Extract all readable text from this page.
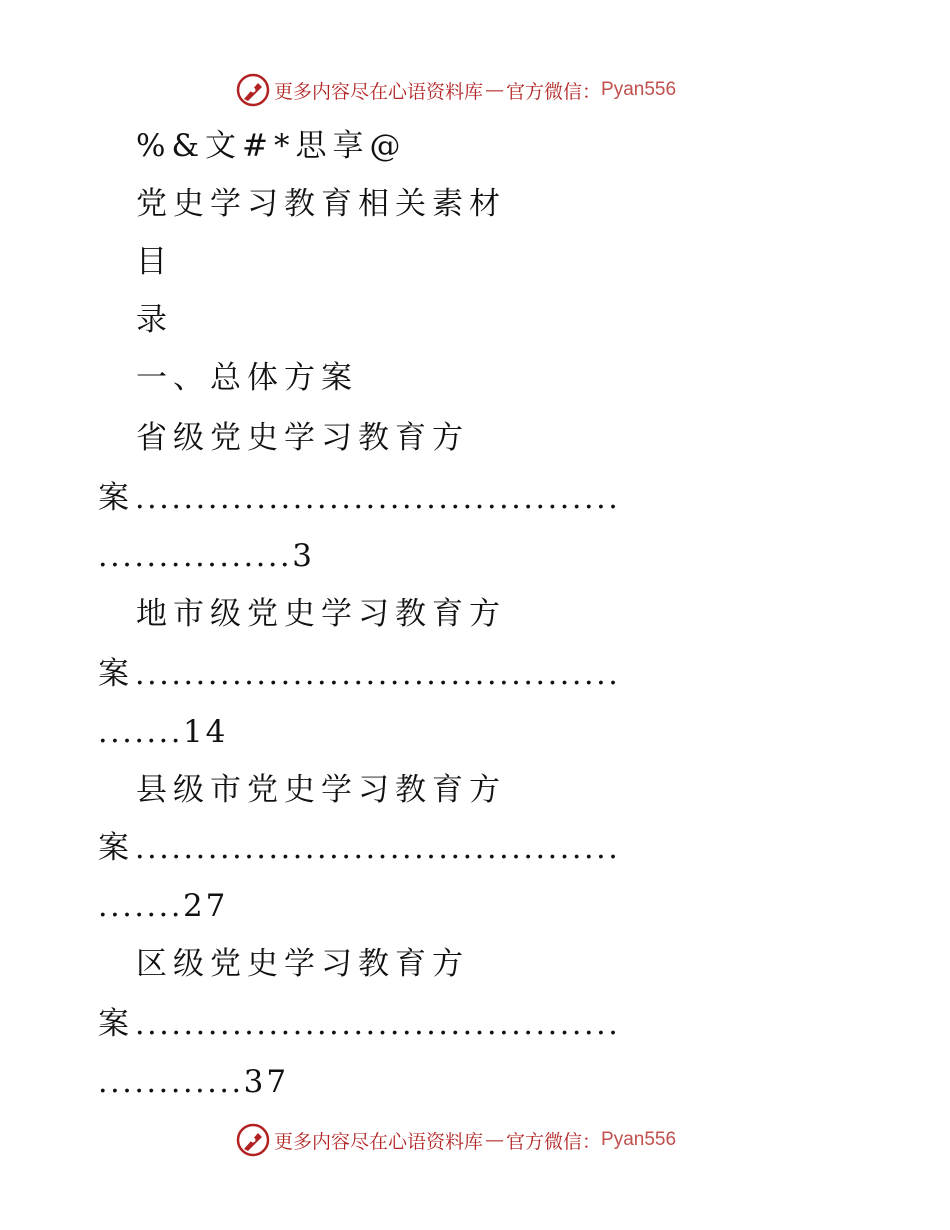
更多内容尽在心语资料库 — 官方微信： Pyan556
%&文#*思享@
党史学习教育相关素材
目
录
一、总体方案
省级党史学习教育方
案........................................
................3
地市级党史学习教育方
案........................................
.......14
县级市党史学习教育方
案........................................
.......27
区级党史学习教育方
案........................................
............37
更多内容尽在心语资料库 — 官方微信： Pyan556
